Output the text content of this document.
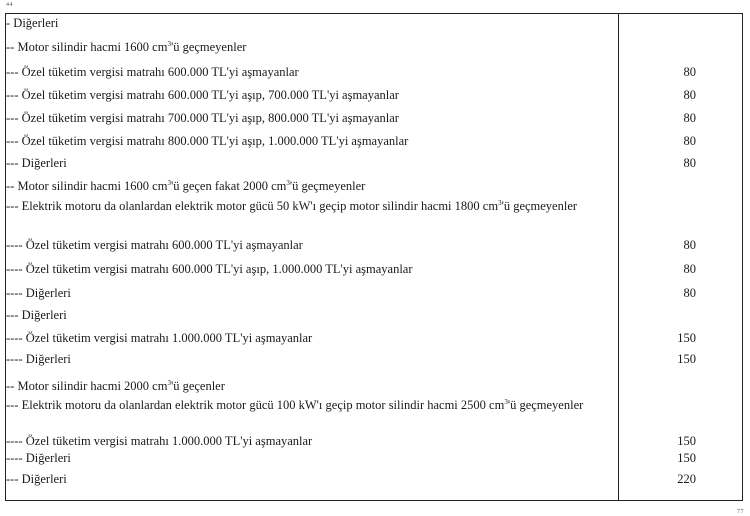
44
- Diğerleri
-- Motor silindir hacmi 1600 $cm^3'ü$ geçmeyenler
--- Özel tüketim vergisi matrahı 600.000 TL'yi aşmayanlar	80
--- Özel tüketim vergisi matrahı 600.000 TL'yi aşıp, 700.000 TL'yi aşmayanlar	80
--- Özel tüketim vergisi matrahı 700.000 TL'yi aşıp, 800.000 TL'yi aşmayanlar	80
--- Özel tüketim vergisi matrahı 800.000 TL'yi aşıp, 1.000.000 TL'yi aşmayanlar	80
--- Diğerleri	80
-- Motor silindir hacmi 1600 $cm^3'ü$ geçen fakat 2000 $cm^3'ü$ geçmeyenler
--- Elektrik motoru da olanlardan elektrik motor gücü 50 kW'ı geçip motor silindir hacmi 1800 $cm^3'ü$ geçmeyenler
---- Özel tüketim vergisi matrahı 600.000 TL'yi aşmayanlar	80
---- Özel tüketim vergisi matrahı 600.000 TL'yi aşıp, 1.000.000 TL'yi aşmayanlar	80
---- Diğerleri	80
--- Diğerleri
---- Özel tüketim vergisi matrahı 1.000.000 TL'yi aşmayanlar	150
---- Diğerleri	150
-- Motor silindir hacmi 2000 $cm^3'ü$ geçenler
--- Elektrik motoru da olanlardan elektrik motor gücü 100 kW'ı geçip motor silindir hacmi 2500 $cm^3'ü$ geçmeyenler
---- Özel tüketim vergisi matrahı 1.000.000 TL'yi aşmayanlar	150
---- Diğerleri	150
--- Diğerleri	220
77
